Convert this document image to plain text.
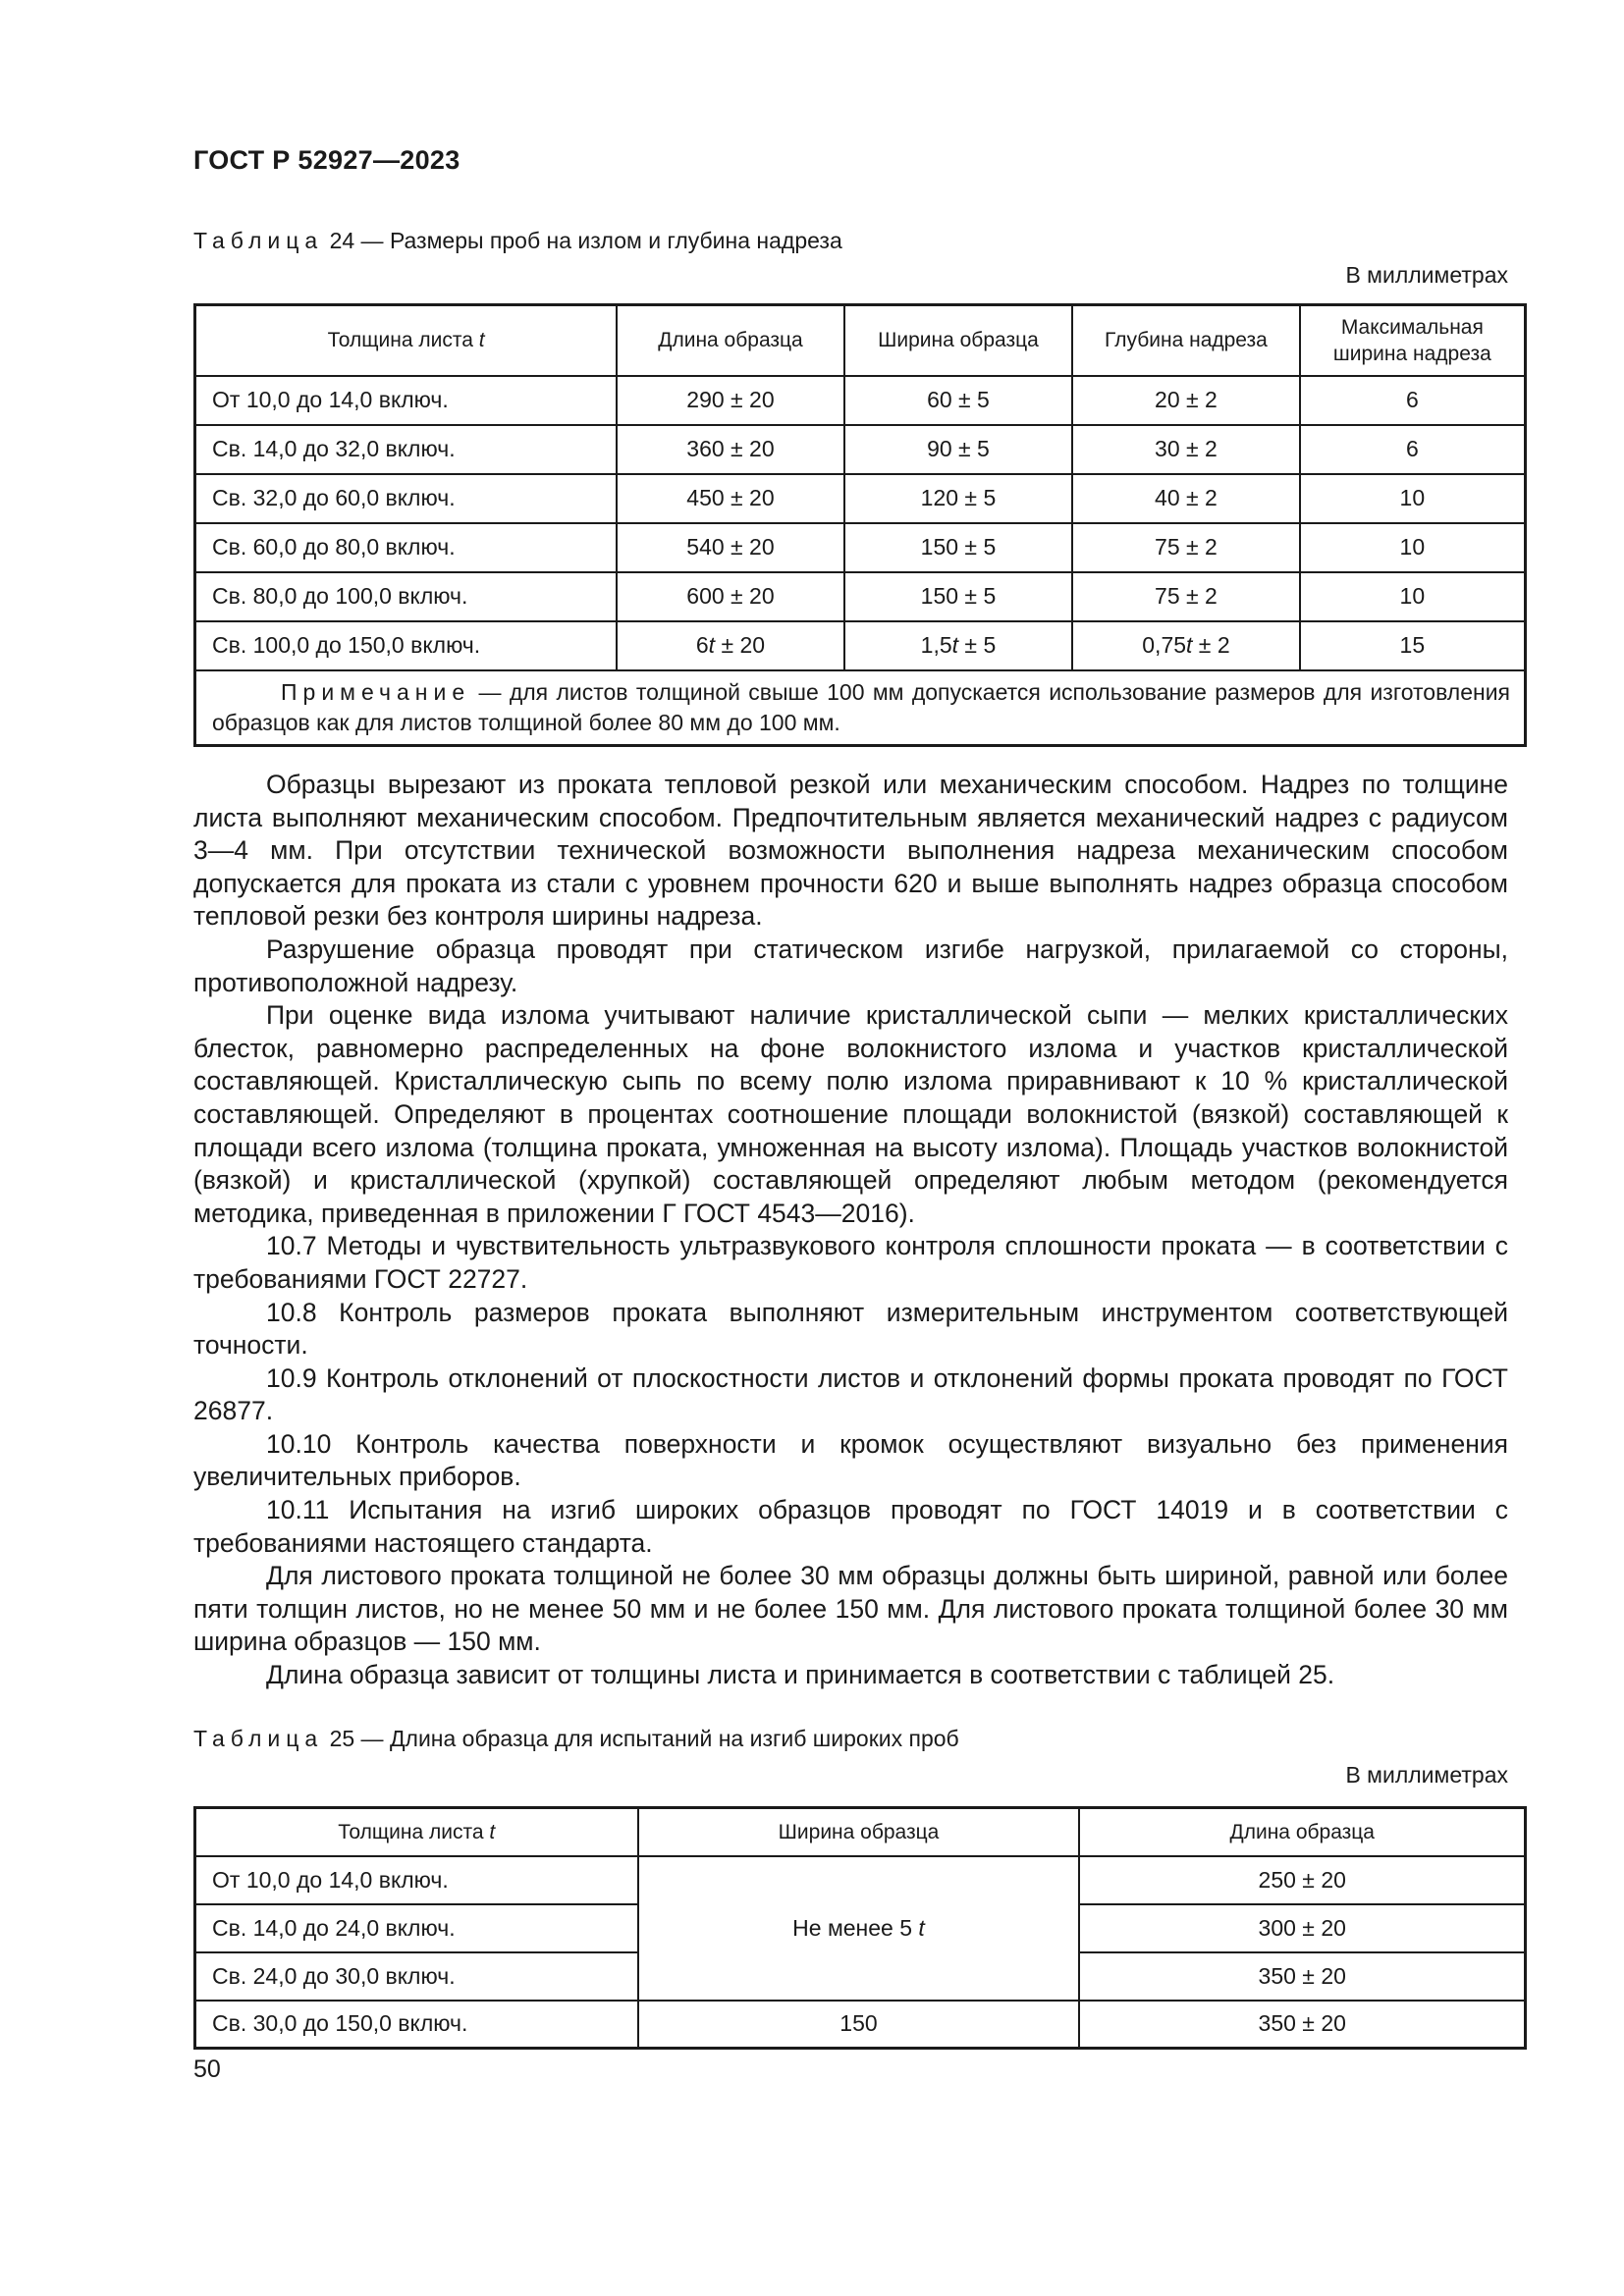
ГОСТ Р 52927—2023
Таблица 24 — Размеры проб на излом и глубина надреза
В миллиметрах
Толщина листа t	Длина образца	Ширина образца	Глубина надреза	Максимальная
ширина надреза
От 10,0 до 14,0 включ.	290 ± 20	60 ± 5	20 ± 2	6
Св. 14,0 до 32,0 включ.	360 ± 20	90 ± 5	30 ± 2	6
Св. 32,0 до 60,0 включ.	450 ± 20	120 ± 5	40 ± 2	10
Св. 60,0 до 80,0 включ.	540 ± 20	150 ± 5	75 ± 2	10
Св. 80,0 до 100,0 включ.	600 ± 20	150 ± 5	75 ± 2	10
Св. 100,0 до 150,0 включ.	6t ± 20	1,5t ± 5	0,75t ± 2	15
Примечание — для листов толщиной свыше 100 мм допускается использование размеров для изготовления образцов как для листов толщиной более 80 мм до 100 мм.				

Образцы вырезают из проката тепловой резкой или механическим способом. Надрез по толщине листа выполняют механическим способом. Предпочтительным является механический надрез с радиусом 3—4 мм. При отсутствии технической возможности выполнения надреза механическим способом допускается для проката из стали с уровнем прочности 620 и выше выполнять надрез образца способом тепловой резки без контроля ширины надреза.

Разрушение образца проводят при статическом изгибе нагрузкой, прилагаемой со стороны, противоположной надрезу.

При оценке вида излома учитывают наличие кристаллической сыпи — мелких кристаллических блесток, равномерно распределенных на фоне волокнистого излома и участков кристаллической составляющей. Кристаллическую сыпь по всему полю излома приравнивают к 10 % кристаллической составляющей. Определяют в процентах соотношение площади волокнистой (вязкой) составляющей к площади всего излома (толщина проката, умноженная на высоту излома). Площадь участков волокнистой (вязкой) и кристаллической (хрупкой) составляющей определяют любым методом (рекомендуется методика, приведенная в приложении Г ГОСТ 4543—2016).

10.7 Методы и чувствительность ультразвукового контроля сплошности проката — в соответствии с требованиями ГОСТ 22727.

10.8 Контроль размеров проката выполняют измерительным инструментом соответствующей точности.

10.9 Контроль отклонений от плоскостности листов и отклонений формы проката проводят по ГОСТ 26877.

10.10 Контроль качества поверхности и кромок осуществляют визуально без применения увеличительных приборов.

10.11 Испытания на изгиб широких образцов проводят по ГОСТ 14019 и в соответствии с требованиями настоящего стандарта.

Для листового проката толщиной не более 30 мм образцы должны быть шириной, равной или более пяти толщин листов, но не менее 50 мм и не более 150 мм. Для листового проката толщиной более 30 мм ширина образцов — 150 мм.

Длина образца зависит от толщины листа и принимается в соответствии с таблицей 25.

Таблица 25 — Длина образца для испытаний на изгиб широких проб
В миллиметрах
Толщина листа t	Ширина образца	Длина образца
От 10,0 до 14,0 включ.	Не менее 5 t	250 ± 20
Св. 14,0 до 24,0 включ.		300 ± 20
Св. 24,0 до 30,0 включ.		350 ± 20
Св. 30,0 до 150,0 включ.	150	350 ± 20
50
